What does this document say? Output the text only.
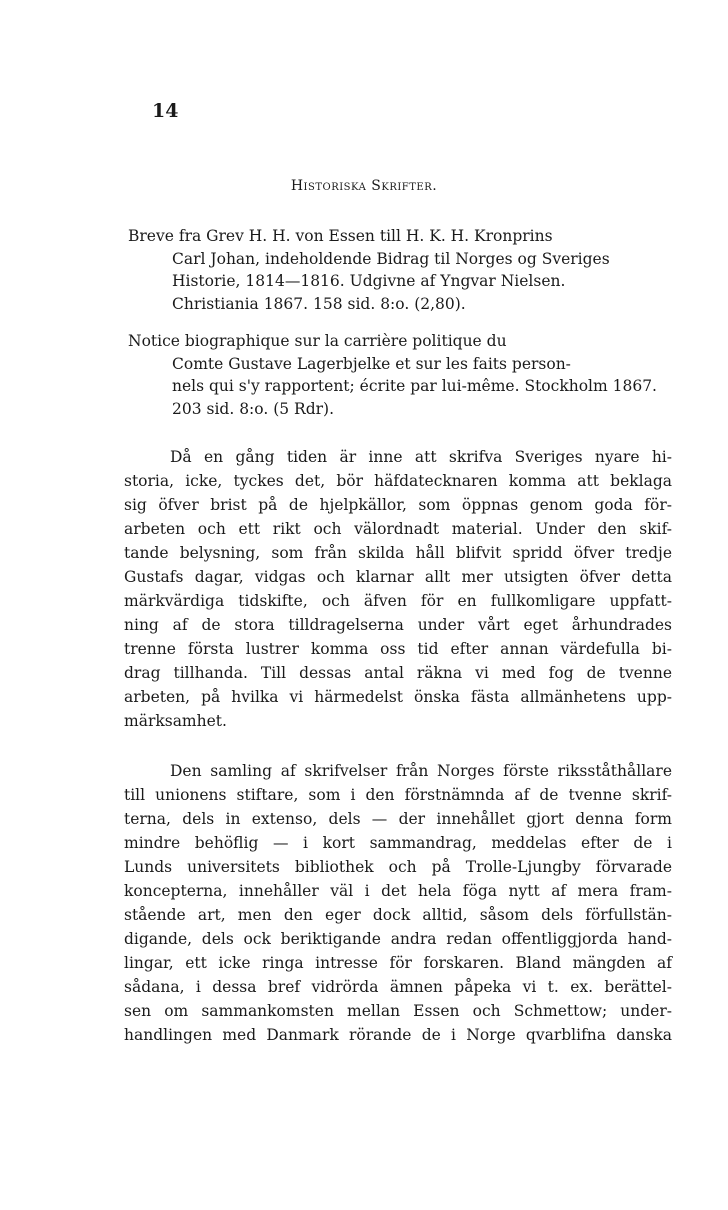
14
Historiska Skrifter.
Breve fra Grev H. H. von Essen till H. K. H. Kronprins
Carl Johan, indeholdende Bidrag til Norges og Sveriges
Historie, 1814—1816. Udgivne af Yngvar Nielsen.
Christiania 1867. 158 sid. 8:o. (2,80).
Notice biographique sur la carrière politique du
Comte Gustave Lagerbjelke et sur les faits person-
nels qui s'y rapportent; écrite par lui-même. Stockholm 1867.
203 sid. 8:o. (5 Rdr).
Då en gång tiden är inne att skrifva Sveriges nyare hi-
storia, icke, tyckes det, bör häfdatecknaren komma att beklaga
sig öfver brist på de hjelpkällor, som öppnas genom goda för-
arbeten och ett rikt och välordnadt material. Under den skif-
tande belysning, som från skilda håll blifvit spridd öfver tredje
Gustafs dagar, vidgas och klarnar allt mer utsigten öfver detta
märkvärdiga tidskifte, och äfven för en fullkomligare uppfatt-
ning af de stora tilldragelserna under vårt eget århundrades
trenne första lustrer komma oss tid efter annan värdefulla bi-
drag tillhanda. Till dessas antal räkna vi med fog de tvenne
arbeten, på hvilka vi härmedelst önska fästa allmänhetens upp-
märksamhet.
Den samling af skrifvelser från Norges förste riksståthållare
till unionens stiftare, som i den förstnämnda af de tvenne skrif-
terna, dels in extenso, dels — der innehållet gjort denna form
mindre behöflig — i kort sammandrag, meddelas efter de i
Lunds universitets bibliothek och på Trolle-Ljungby förvarade
koncepterna, innehåller väl i det hela föga nytt af mera fram-
stående art, men den eger dock alltid, såsom dels förfullstän-
digande, dels ock beriktigande andra redan offentliggjorda hand-
lingar, ett icke ringa intresse för forskaren. Bland mängden af
sådana, i dessa bref vidrörda ämnen påpeka vi t. ex. berättel-
sen om sammankomsten mellan Essen och Schmettow; under-
handlingen med Danmark rörande de i Norge qvarblifna danska
